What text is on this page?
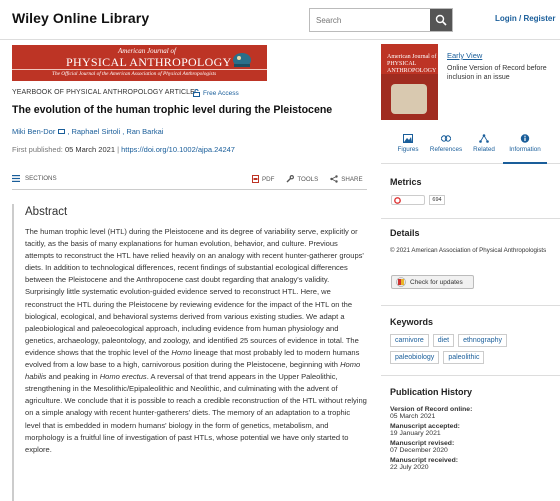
Wiley Online Library
Search	Login / Register
American Journal of
PHYSICAL ANTHROPOLOGY
The Official Journal of the American Association of Physical Anthropologists
YEARBOOK OF PHYSICAL ANTHROPOLOGY ARTICLE Free Access
The evolution of the human trophic level during the Pleistocene
Miki Ben-Dor , Raphael Sirtoli , Ran Barkai
First published: 05 March 2021 | https://doi.org/10.1002/ajpa.24247
SECTIONS	PDF	TOOLS	SHARE
Abstract

The human trophic level (HTL) during the Pleistocene and its degree of variability serve, explicitly or tacitly, as the basis of many explanations for human evolution, behavior, and culture. Previous attempts to reconstruct the HTL have relied heavily on an analogy with recent hunter-gatherer groups' diets. In addition to technological differences, recent findings of substantial ecological differences between the Pleistocene and the Anthropocene cast doubt regarding that analogy's validity. Surprisingly little systematic evolution-guided evidence served to reconstruct HTL. Here, we reconstruct the HTL during the Pleistocene by reviewing evidence for the impact of the HTL on the biological, ecological, and behavioral systems derived from various existing studies. We adapt a paleobiological and paleoecological approach, including evidence from human physiology and genetics, archaeology, paleontology, and zoology, and identified 25 sources of evidence in total. The evidence shows that the trophic level of the Homo lineage that most probably led to modern humans evolved from a low base to a high, carnivorous position during the Pleistocene, beginning with Homo habilis and peaking in Homo erectus. A reversal of that trend appears in the Upper Paleolithic, strengthening in the Mesolithic/Epipaleolithic and Neolithic, and culminating with the advent of agriculture. We conclude that it is possible to reach a credible reconstruction of the HTL without relying on a simple analogy with recent hunter-gatherers' diets. The memory of an adaptation to a trophic level that is embedded in modern humans' biology in the form of genetics, metabolism, and morphology is a fruitful line of investigation of past HTLs, whose potential we have only started to explore.

American Journal of
PHYSICAL
ANTHROPOLOGY
Early View
Online Version of Record before inclusion in an issue
Figures	References	Related	Information
Metrics
694
Details
© 2021 American Association of Physical Anthropologists
Check for updates
Keywords
carnivore	diet	ethnography
paleobiology	paleolithic
Publication History
Version of Record online:
05 March 2021
Manuscript accepted:
19 January 2021
Manuscript revised:
07 December 2020
Manuscript received:
22 July 2020
